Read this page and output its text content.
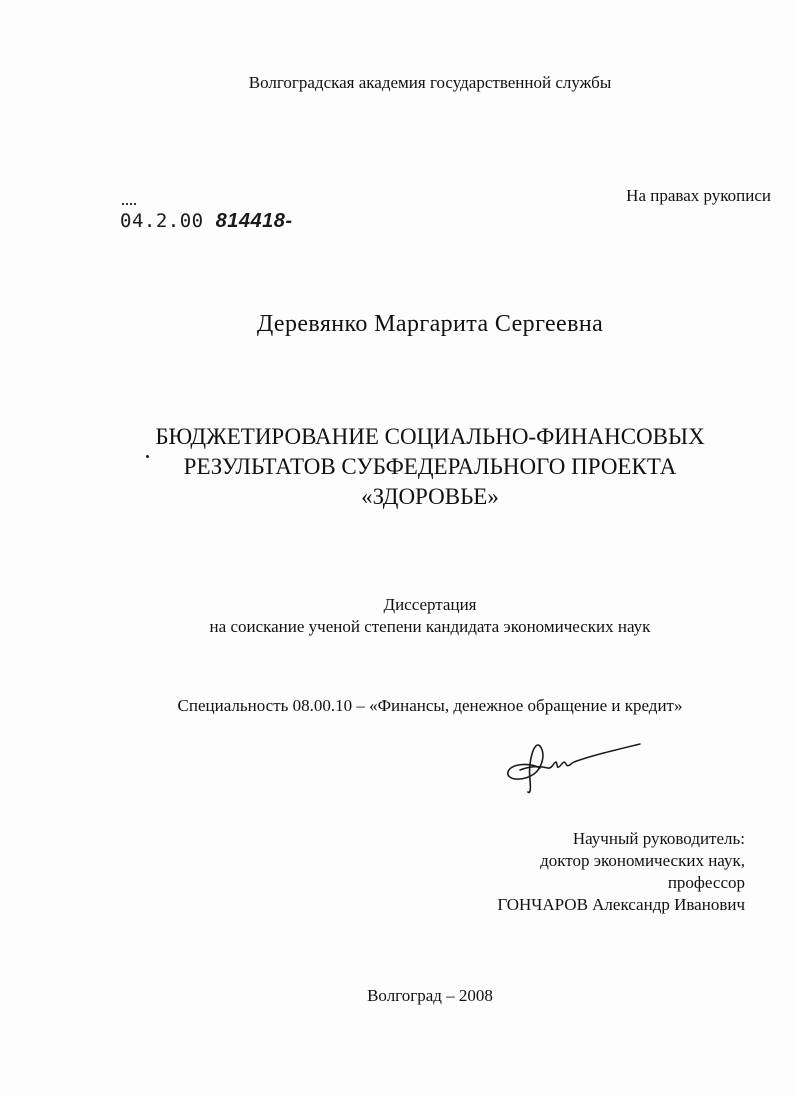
Волгоградская академия государственной службы
На правах рукописи
04.2.00 814418-
Деревянко Маргарита Сергеевна
БЮДЖЕТИРОВАНИЕ СОЦИАЛЬНО-ФИНАНСОВЫХ
РЕЗУЛЬТАТОВ СУБФЕДЕРАЛЬНОГО ПРОЕКТА
«ЗДОРОВЬЕ»
Диссертация
на соискание ученой степени кандидата экономических наук
Специальность 08.00.10 – «Финансы, денежное обращение и кредит»
Научный руководитель:
доктор экономических наук,
профессор
ГОНЧАРОВ Александр Иванович
Волгоград – 2008
